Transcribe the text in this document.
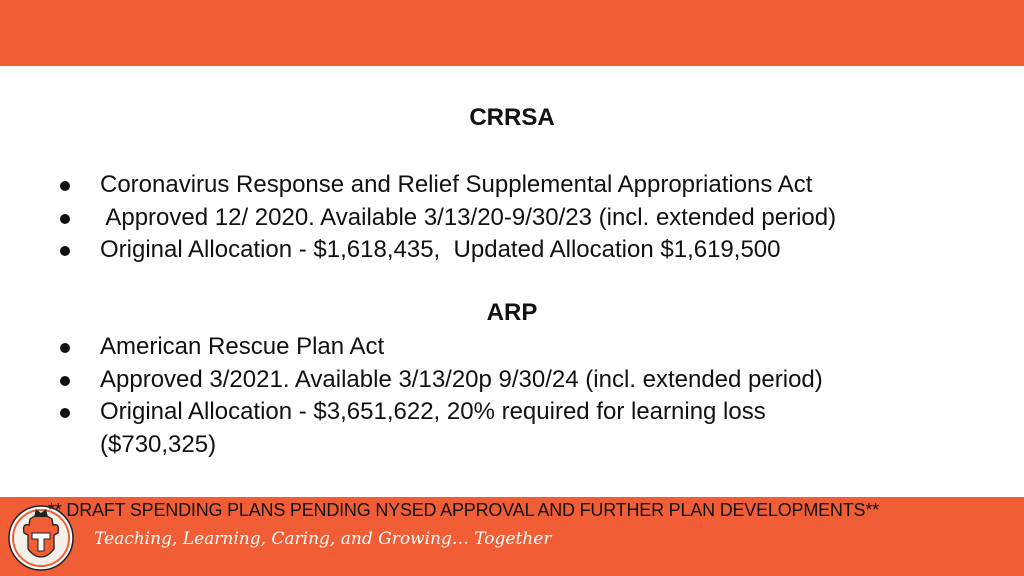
CRRSA
Coronavirus Response and Relief Supplemental Appropriations Act
Approved 12/ 2020. Available 3/13/20-9/30/23 (incl. extended period)
Original Allocation - $1,618,435,  Updated Allocation $1,619,500
ARP
American Rescue Plan Act
Approved 3/2021. Available 3/13/20p 9/30/24 (incl. extended period)
Original Allocation - $3,651,622, 20% required for learning loss ($730,325)
** DRAFT SPENDING PLANS PENDING NYSED APPROVAL AND FURTHER PLAN DEVELOPMENTS**
Teaching, Learning, Caring, and Growing… Together
